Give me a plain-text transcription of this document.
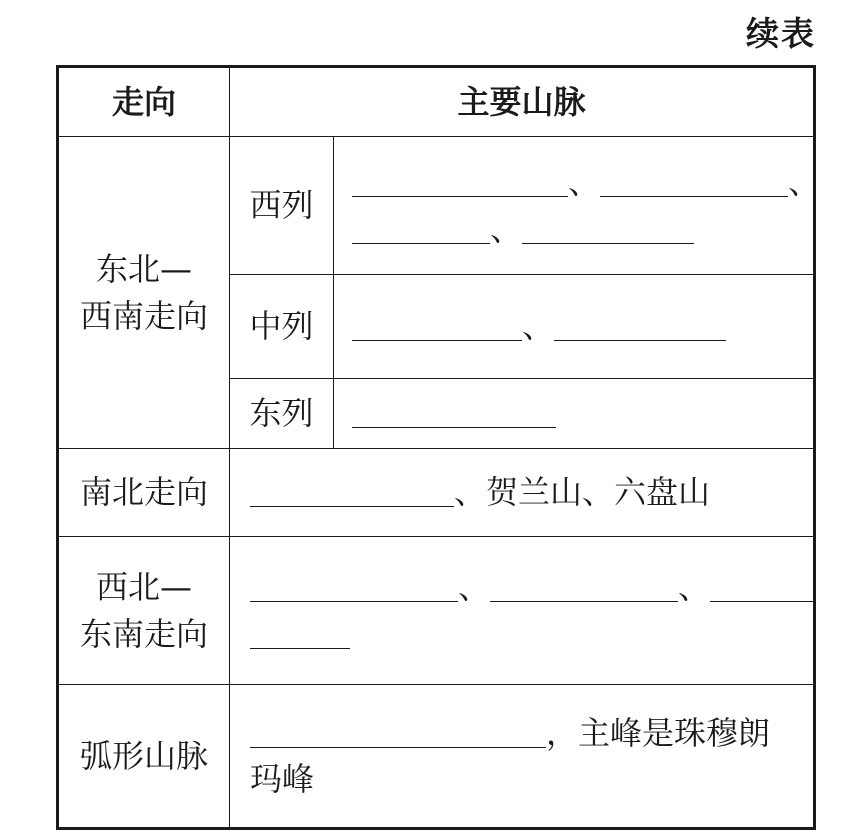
续表
走向	主要山脉	

东北—
西南走向	西列	、 、
、

	中列	、
	东列	
南北走向	、贺兰山、六盘山	

西北—
东南走向	、 、	

弧形山脉	，主峰是珠穆朗
玛峰	
